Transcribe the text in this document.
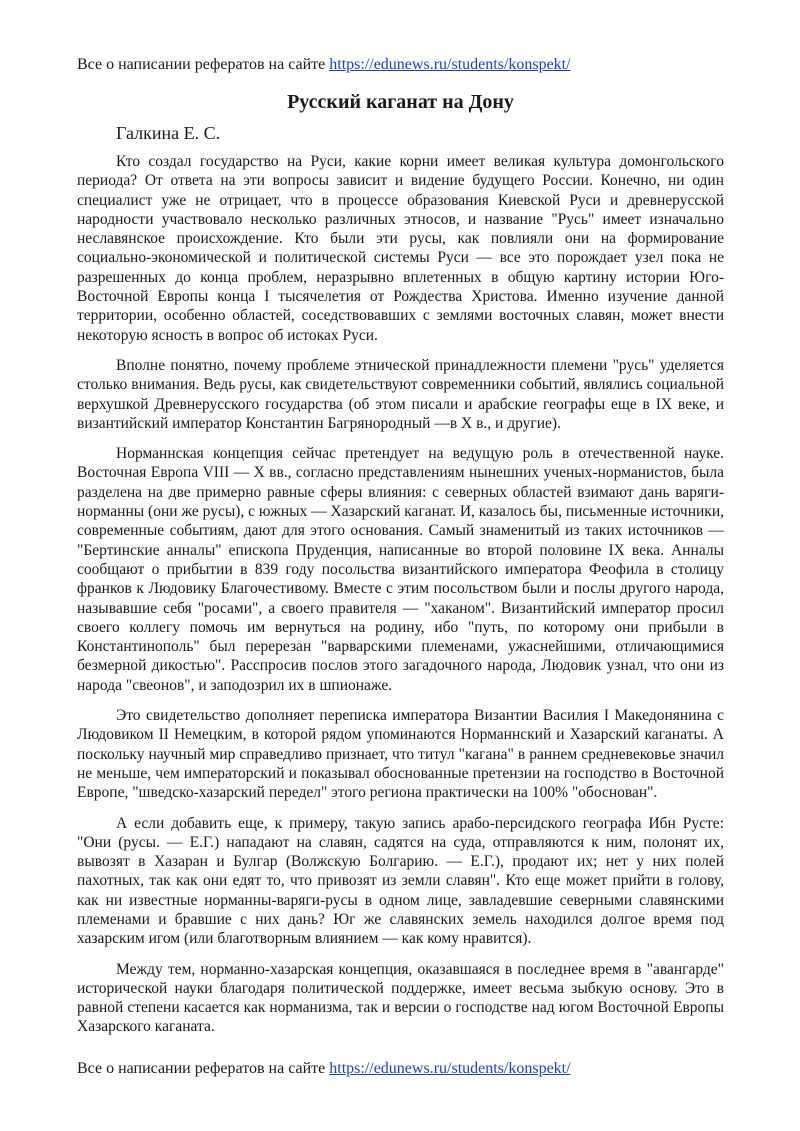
Все о написании рефератов на сайте https://edunews.ru/students/konspekt/
Русский каганат на Дону
Галкина Е. С.

Кто создал государство на Руси, какие корни имеет великая культура домонгольского периода? От ответа на эти вопросы зависит и видение будущего России. Конечно, ни один специалист уже не отрицает, что в процессе образования Киевской Руси и древнерусской народности участвовало несколько различных этносов, и название "Русь" имеет изначально неславянское происхождение. Кто были эти русы, как повлияли они на формирование социально-экономической и политической системы Руси — все это порождает узел пока не разрешенных до конца проблем, неразрывно вплетенных в общую картину истории Юго-Восточной Европы конца I тысячелетия от Рождества Христова. Именно изучение данной территории, особенно областей, соседствовавших с землями восточных славян, может внести некоторую ясность в вопрос об истоках Руси.

Вполне понятно, почему проблеме этнической принадлежности племени "русь" уделяется столько внимания. Ведь русы, как свидетельствуют современники событий, являлись социальной верхушкой Древнерусского государства (об этом писали и арабские географы еще в IX веке, и византийский император Константин Багрянородный —в X в., и другие).

Норманнская концепция сейчас претендует на ведущую роль в отечественной науке. Восточная Европа VIII — X вв., согласно представлениям нынешних ученых-норманистов, была разделена на две примерно равные сферы влияния: с северных областей взимают дань варяги-норманны (они же русы), с южных — Хазарский каганат. И, казалось бы, письменные источники, современные событиям, дают для этого основания. Самый знаменитый из таких источников — "Бертинские анналы" епископа Пруденция, написанные во второй половине IX века. Анналы сообщают о прибытии в 839 году посольства византийского императора Феофила в столицу франков к Людовику Благочестивому. Вместе с этим посольством были и послы другого народа, называвшие себя "росами", а своего правителя — "хаканом". Византийский император просил своего коллегу помочь им вернуться на родину, ибо "путь, по которому они прибыли в Константинополь" был перерезан "варварскими племенами, ужаснейшими, отличающимися безмерной дикостью". Расспросив послов этого загадочного народа, Людовик узнал, что они из народа "свеонов", и заподозрил их в шпионаже.

Это свидетельство дополняет переписка императора Византии Василия I Македонянина с Людовиком II Немецким, в которой рядом упоминаются Норманнский и Хазарский каганаты. А поскольку научный мир справедливо признает, что титул "кагана" в раннем средневековье значил не меньше, чем императорский и показывал обоснованные претензии на господство в Восточной Европе, "шведско-хазарский передел" этого региона практически на 100% "обоснован".

А если добавить еще, к примеру, такую запись арабо-персидского географа Ибн Русте: "Они (русы. — Е.Г.) нападают на славян, садятся на суда, отправляются к ним, полонят их, вывозят в Хазаран и Булгар (Волжскую Болгарию. — Е.Г.), продают их; нет у них полей пахотных, так как они едят то, что привозят из земли славян". Кто еще может прийти в голову, как ни известные норманны-варяги-русы в одном лице, завладевшие северными славянскими племенами и бравшие с них дань? Юг же славянских земель находился долгое время под хазарским игом (или благотворным влиянием — как кому нравится).

Между тем, норманно-хазарская концепция, оказавшаяся в последнее время в "авангарде" исторической науки благодаря политической поддержке, имеет весьма зыбкую основу. Это в равной степени касается как норманизма, так и версии о господстве над югом Восточной Европы Хазарского каганата.

Все о написании рефератов на сайте https://edunews.ru/students/konspekt/
